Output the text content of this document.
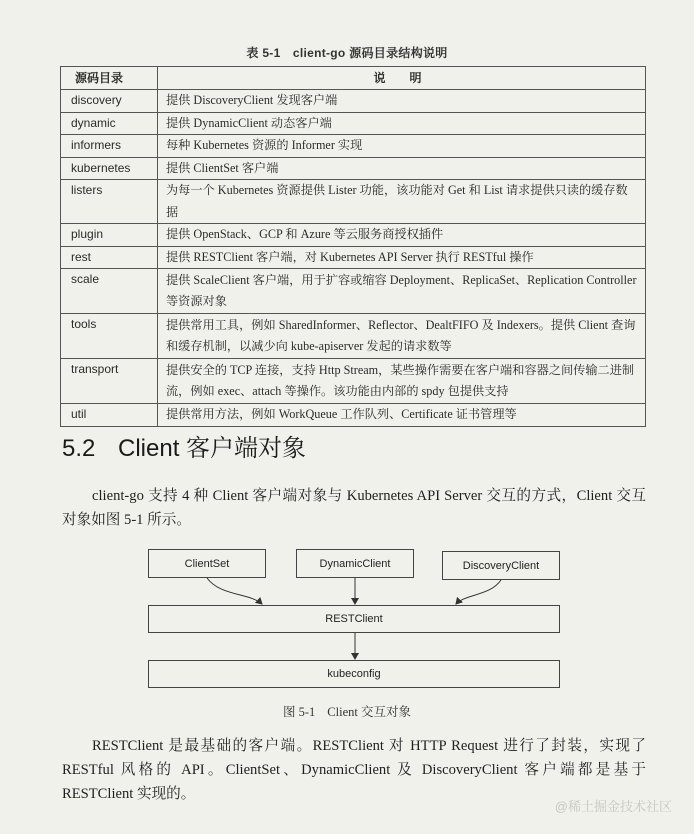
表 5-1　client-go 源码目录结构说明
源码目录	说明
discovery	提供 DiscoveryClient 发现客户端
dynamic	提供 DynamicClient 动态客户端
informers	每种 Kubernetes 资源的 Informer 实现
kubernetes	提供 ClientSet 客户端
listers	为每一个 Kubernetes 资源提供 Lister 功能，该功能对 Get 和 List 请求提供只读的缓存数据
plugin	提供 OpenStack、GCP 和 Azure 等云服务商授权插件
rest	提供 RESTClient 客户端，对 Kubernetes API Server 执行 RESTful 操作
scale	提供 ScaleClient 客户端，用于扩容或缩容 Deployment、ReplicaSet、Replication Controller 等资源对象
tools	提供常用工具，例如 SharedInformer、Reflector、DealtFIFO 及 Indexers。提供 Client 查询和缓存机制，以减少向 kube-apiserver 发起的请求数等
transport	提供安全的 TCP 连接，支持 Http Stream，某些操作需要在客户端和容器之间传输二进制流，例如 exec、attach 等操作。该功能由内部的 spdy 包提供支持
util	提供常用方法，例如 WorkQueue 工作队列、Certificate 证书管理等
5.2 Client 客户端对象
client-go 支持 4 种 Client 客户端对象与 Kubernetes API Server 交互的方式，Client 交互对象如图 5-1 所示。
ClientSet	DynamicClient	DiscoveryClient
RESTClient
kubeconfig
图 5-1 Client 交互对象
RESTClient 是最基础的客户端。RESTClient 对 HTTP Request 进行了封装，实现了 RESTful 风格的 API。ClientSet、DynamicClient 及 DiscoveryClient 客户端都是基于 RESTClient 实现的。
@稀土掘金技术社区
